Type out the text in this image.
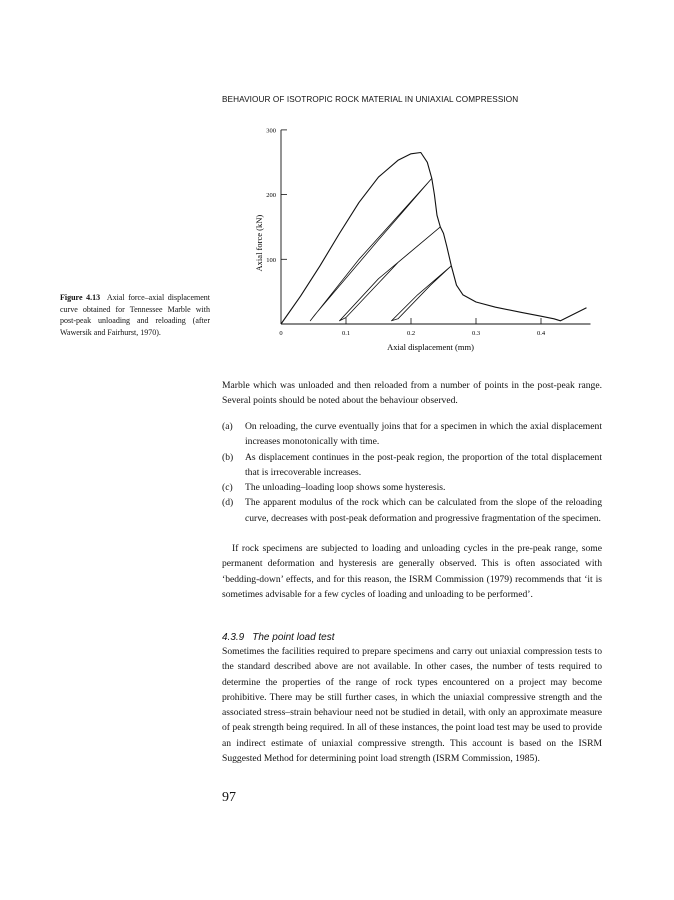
BEHAVIOUR OF ISOTROPIC ROCK MATERIAL IN UNIAXIAL COMPRESSION
100
200
300
0	0.1	0.2	0.3	0.4
Axial displacement (mm)
Axial force (kN)
Figure 4.13 Axial force–axial displacement curve obtained for Tennessee Marble with post-peak unloading and reloading (after Wawersik and Fairhurst, 1970).

Marble which was unloaded and then reloaded from a number of points in the post-peak range. Several points should be noted about the behaviour observed.

(a) On reloading, the curve eventually joins that for a specimen in which the axial displacement increases monotonically with time.
(b) As displacement continues in the post-peak region, the proportion of the total displacement that is irrecoverable increases.
(c) The unloading–loading loop shows some hysteresis.
(d) The apparent modulus of the rock which can be calculated from the slope of the reloading curve, decreases with post-peak deformation and progressive fragmentation of the specimen.

If rock specimens are subjected to loading and unloading cycles in the pre-peak range, some permanent deformation and hysteresis are generally observed. This is often associated with ‘bedding-down’ effects, and for this reason, the ISRM Commission (1979) recommends that ‘it is sometimes advisable for a few cycles of loading and unloading to be performed’.

4.3.9 The point load test

Sometimes the facilities required to prepare specimens and carry out uniaxial compression tests to the standard described above are not available. In other cases, the number of tests required to determine the properties of the range of rock types encountered on a project may become prohibitive. There may be still further cases, in which the uniaxial compressive strength and the associated stress–strain behaviour need not be studied in detail, with only an approximate measure of peak strength being required. In all of these instances, the point load test may be used to provide an indirect estimate of uniaxial compressive strength. This account is based on the ISRM Suggested Method for determining point load strength (ISRM Commission, 1985).

97
